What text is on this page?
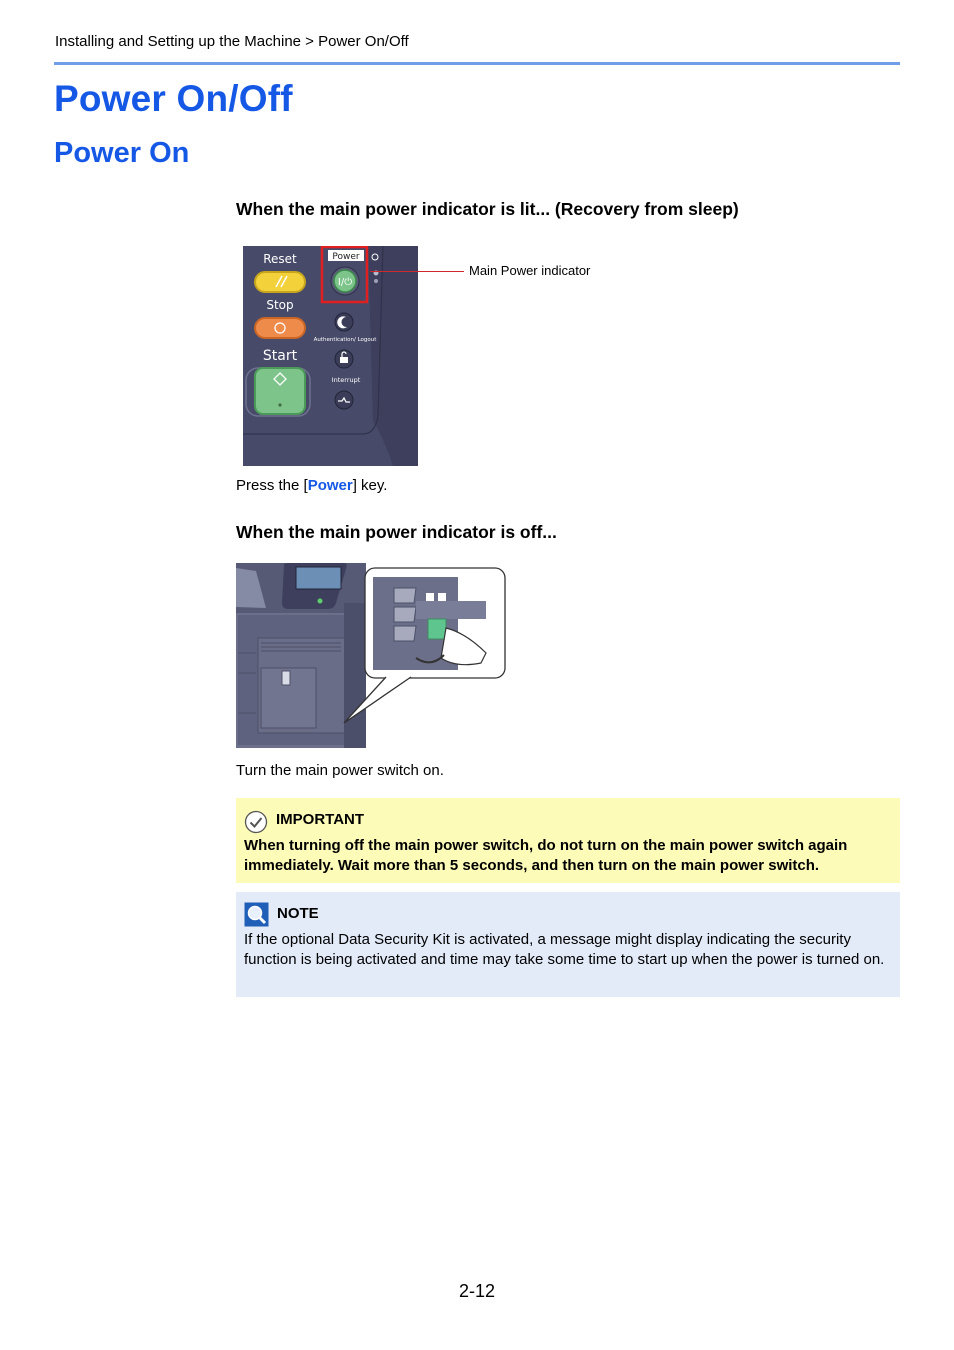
Installing and Setting up the Machine > Power On/Off
Power On/Off
Power On
When the main power indicator is lit... (Recovery from sleep)
Reset
Stop
Start
Power
I/⏻
Authentication/ Logout
Interrupt
Main Power indicator
Press the [Power] key.
When the main power indicator is off...
Turn the main power switch on.
IMPORTANT
When turning off the main power switch, do not turn on the main power switch again immediately. Wait more than 5 seconds, and then turn on the main power switch.
NOTE
If the optional Data Security Kit is activated, a message might display indicating the security function is being activated and time may take some time to start up when the power is turned on.
2-12
